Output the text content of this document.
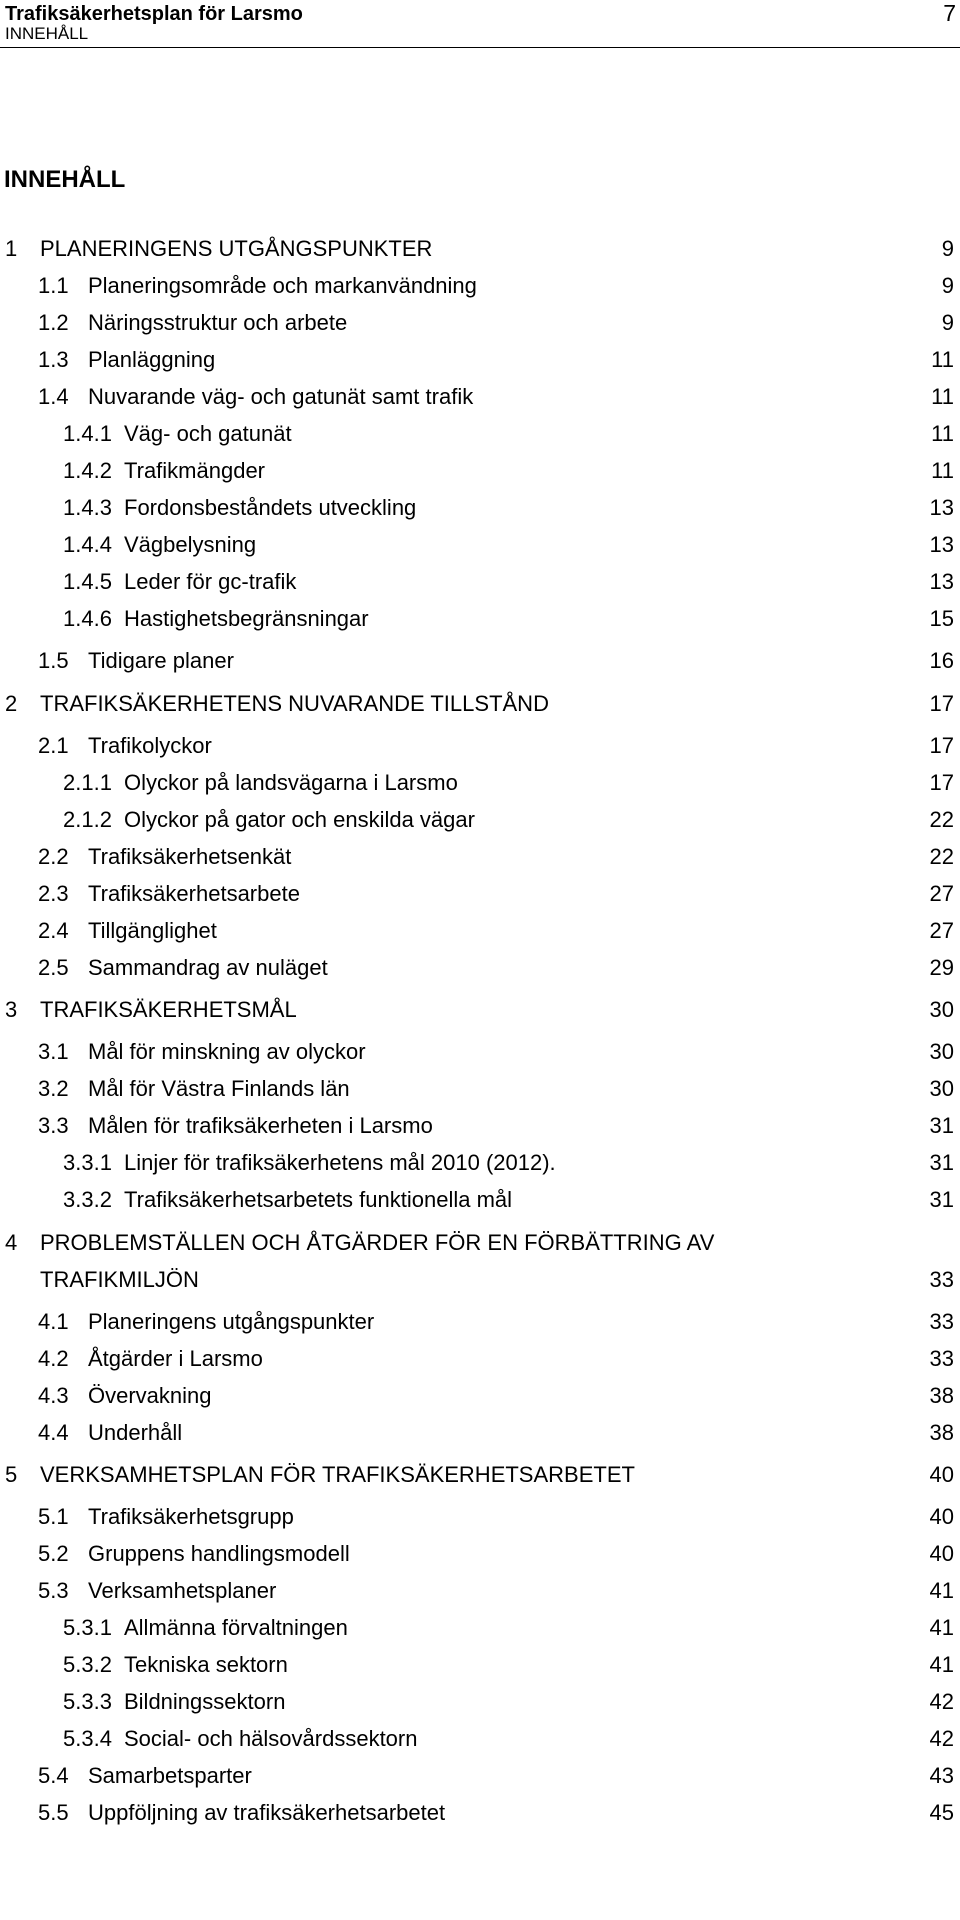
Trafiksäkerhetsplan för Larsmo	7
INNEHÅLL
INNEHÅLL
1 PLANERINGENS UTGÅNGSPUNKTER	9
1.1 Planeringsområde och markanvändning	9
1.2 Näringsstruktur och arbete	9
1.3 Planläggning	11
1.4 Nuvarande väg- och gatunät samt trafik	11
1.4.1 Väg- och gatunät	11
1.4.2 Trafikmängder	11
1.4.3 Fordonsbeståndets utveckling	13
1.4.4 Vägbelysning	13
1.4.5 Leder för gc-trafik	13
1.4.6 Hastighetsbegränsningar	15
1.5 Tidigare planer	16
2 TRAFIKSÄKERHETENS NUVARANDE TILLSTÅND	17
2.1 Trafikolyckor	17
2.1.1 Olyckor på landsvägarna i Larsmo	17
2.1.2 Olyckor på gator och enskilda vägar	22
2.2 Trafiksäkerhetsenkät	22
2.3 Trafiksäkerhetsarbete	27
2.4 Tillgänglighet	27
2.5 Sammandrag av nuläget	29
3 TRAFIKSÄKERHETSMÅL	30
3.1 Mål för minskning av olyckor	30
3.2 Mål för Västra Finlands län	30
3.3 Målen för trafiksäkerheten i Larsmo	31
3.3.1 Linjer för trafiksäkerhetens mål 2010 (2012).	31
3.3.2 Trafiksäkerhetsarbetets funktionella mål	31
4 PROBLEMSTÄLLEN OCH ÅTGÄRDER FÖR EN FÖRBÄTTRING AV
TRAFIKMILJÖN	33
4.1 Planeringens utgångspunkter	33
4.2 Åtgärder i Larsmo	33
4.3 Övervakning	38
4.4 Underhåll	38
5 VERKSAMHETSPLAN FÖR TRAFIKSÄKERHETSARBETET	40
5.1 Trafiksäkerhetsgrupp	40
5.2 Gruppens handlingsmodell	40
5.3 Verksamhetsplaner	41
5.3.1 Allmänna förvaltningen	41
5.3.2 Tekniska sektorn	41
5.3.3 Bildningssektorn	42
5.3.4 Social- och hälsovårdssektorn	42
5.4 Samarbetsparter	43
5.5 Uppföljning av trafiksäkerhetsarbetet	45
